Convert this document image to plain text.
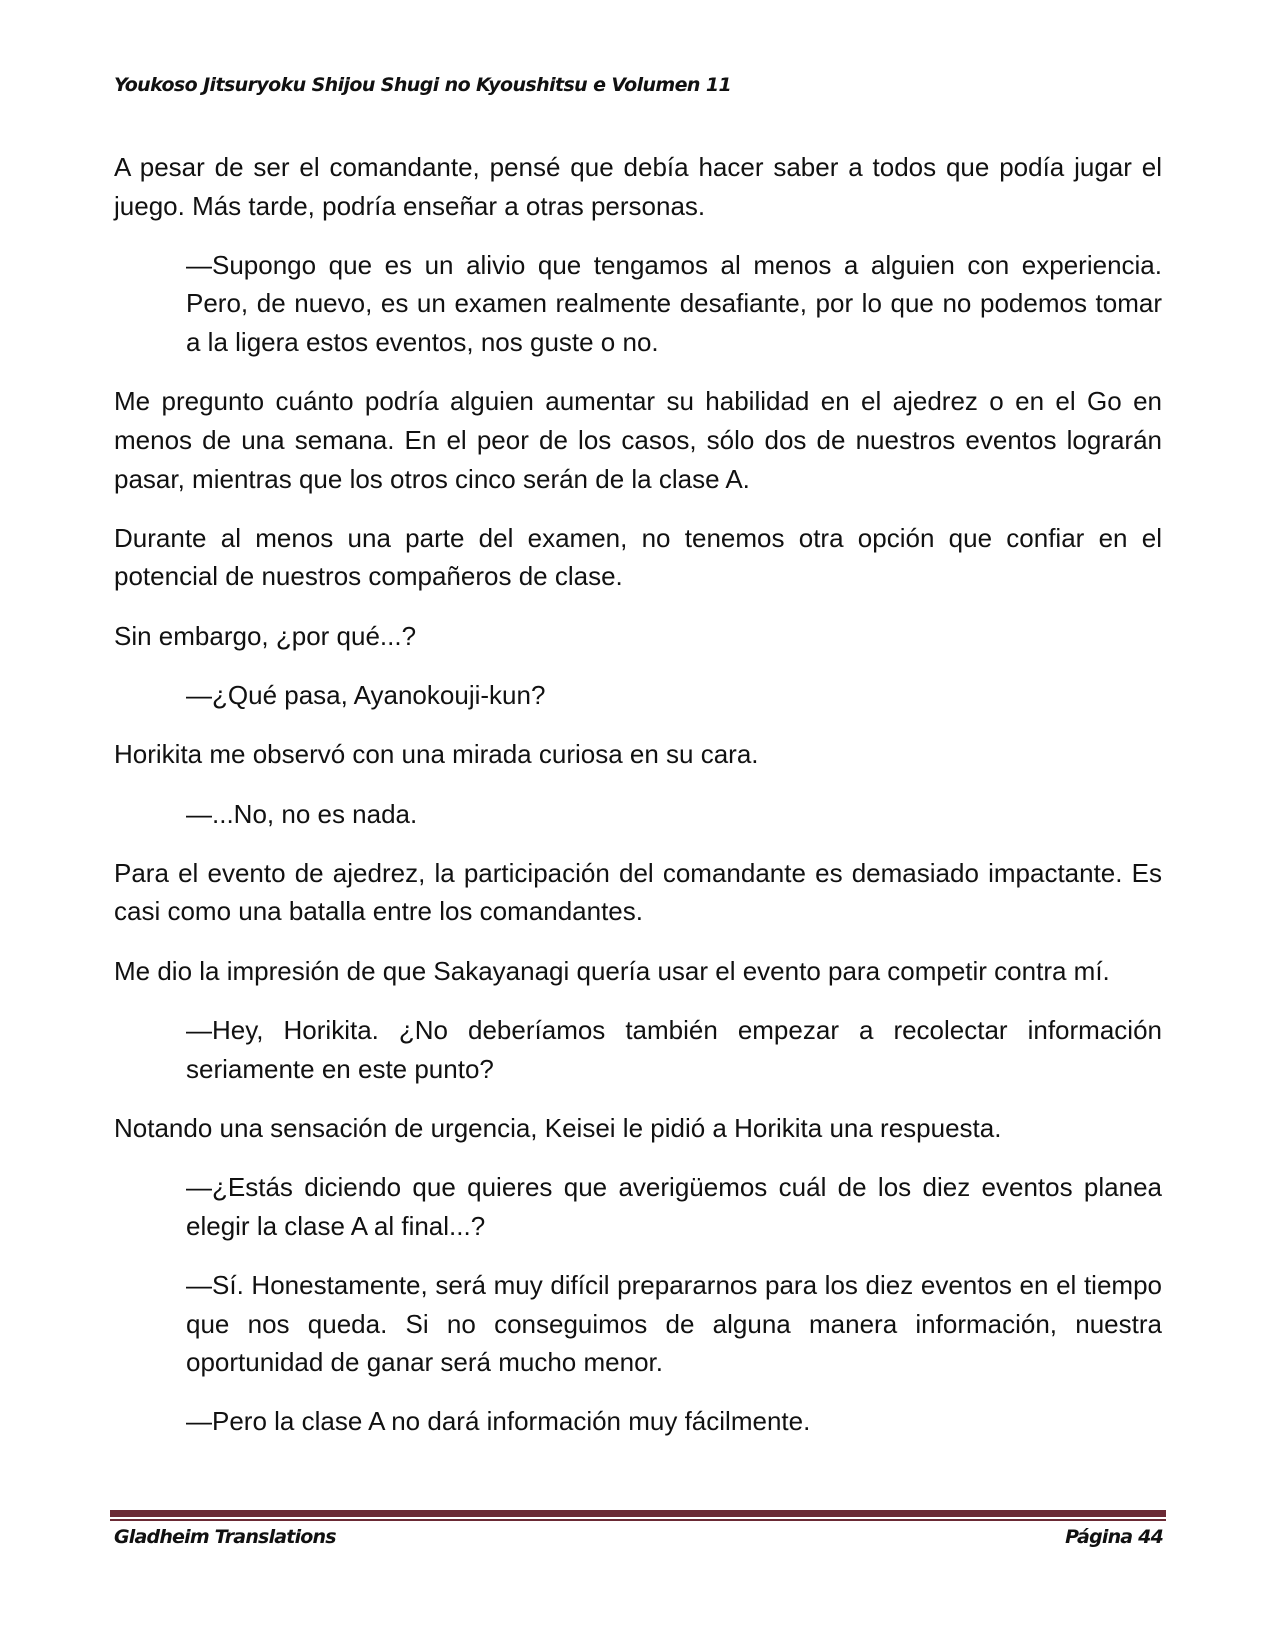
Youkoso Jitsuryoku Shijou Shugi no Kyoushitsu e Volumen 11

A pesar de ser el comandante, pensé que debía hacer saber a todos que podía jugar el juego. Más tarde, podría enseñar a otras personas.

—Supongo que es un alivio que tengamos al menos a alguien con experiencia. Pero, de nuevo, es un examen realmente desafiante, por lo que no podemos tomar a la ligera estos eventos, nos guste o no.

Me pregunto cuánto podría alguien aumentar su habilidad en el ajedrez o en el Go en menos de una semana. En el peor de los casos, sólo dos de nuestros eventos lograrán pasar, mientras que los otros cinco serán de la clase A.

Durante al menos una parte del examen, no tenemos otra opción que confiar en el potencial de nuestros compañeros de clase.

Sin embargo, ¿por qué...?

—¿Qué pasa, Ayanokouji-kun?

Horikita me observó con una mirada curiosa en su cara.

—...No, no es nada.

Para el evento de ajedrez, la participación del comandante es demasiado impactante. Es casi como una batalla entre los comandantes.

Me dio la impresión de que Sakayanagi quería usar el evento para competir contra mí.

—Hey, Horikita. ¿No deberíamos también empezar a recolectar información seriamente en este punto?

Notando una sensación de urgencia, Keisei le pidió a Horikita una respuesta.

—¿Estás diciendo que quieres que averigüemos cuál de los diez eventos planea elegir la clase A al final...?

—Sí. Honestamente, será muy difícil prepararnos para los diez eventos en el tiempo que nos queda. Si no conseguimos de alguna manera información, nuestra oportunidad de ganar será mucho menor.

—Pero la clase A no dará información muy fácilmente.

Gladheim Translations	Página 44
